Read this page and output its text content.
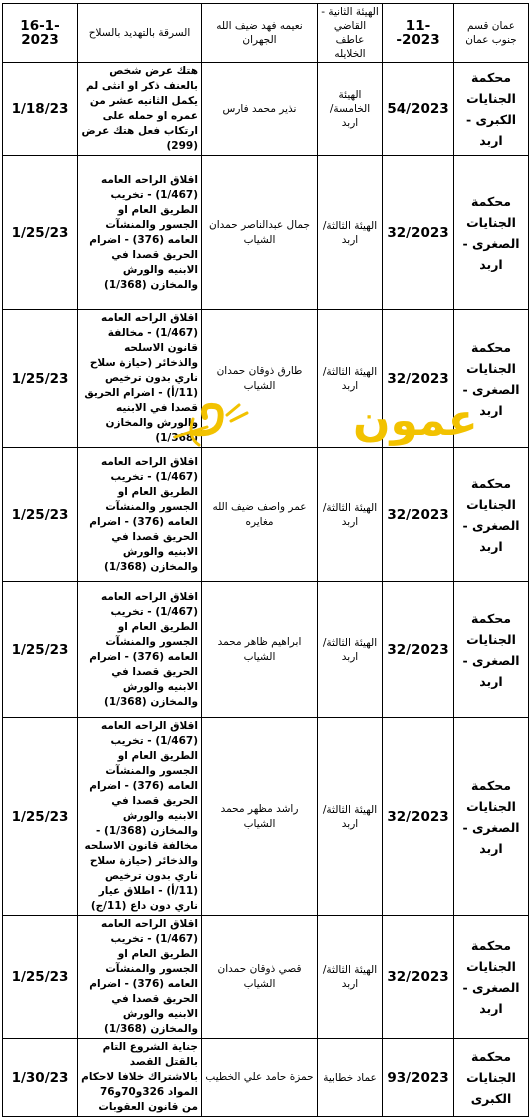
16-1-2023	السرقة بالتهديد بالسلاح	نعيمه فهد ضيف الله الجهران	الهيئة الثانية - القاضي عاطف الخلايله	11--2023	عمان قسم جنوب عمان
1/18/23	هتك عرض شخص بالعنف ذكر او انثى لم يكمل الثانيه عشر من عمره او حمله على ارتكاب فعل هتك عرض (299)	نذير محمد فارس	الهيئة الخامسة/ اربد	54/2023	محكمة الجنايات الكبرى - اربد
1/25/23	اقلاق الراحه العامه (1/467) - تخريب الطريق العام او الجسور والمنشآت العامه (376) - اضرام الحريق قصدا في الابنيه والورش والمخازن (1/368)	جمال عبدالناصر حمدان الشياب	الهيئة الثالثة/ اربد	32/2023	محكمة الجنايات الصغرى - اربد
1/25/23	اقلاق الراحه العامه (1/467) - مخالفة قانون الاسلحه والذخائر (حيازة سلاح ناري بدون ترخيص (11/أ) - اضرام الحريق قصدا في الابنيه والورش والمخازن (1/368)	طارق ذوقان حمدان الشياب	الهيئة الثالثة/ اربد	32/2023	محكمة الجنايات الصغرى - اربد
1/25/23	اقلاق الراحه العامه (1/467) - تخريب الطريق العام او الجسور والمنشآت العامه (376) - اضرام الحريق قصدا في الابنيه والورش والمخازن (1/368)	عمر واصف ضيف الله مغايره	الهيئة الثالثة/ اربد	32/2023	محكمة الجنايات الصغرى - اربد
1/25/23	اقلاق الراحه العامه (1/467) - تخريب الطريق العام او الجسور والمنشآت العامه (376) - اضرام الحريق قصدا في الابنيه والورش والمخازن (1/368)	ابراهيم ظاهر محمد الشياب	الهيئة الثالثة/ اربد	32/2023	محكمة الجنايات الصغرى - اربد
1/25/23	اقلاق الراحه العامه (1/467) - تخريب الطريق العام او الجسور والمنشآت العامه (376) - اضرام الحريق قصدا في الابنيه والورش والمخازن (1/368) - مخالفة قانون الاسلحه والذخائر (حيازة سلاح ناري بدون ترخيص (11/أ) - اطلاق عيار ناري دون داع (11/ج)	راشد مظهر محمد الشياب	الهيئة الثالثة/ اربد	32/2023	محكمة الجنايات الصغرى - اربد
1/25/23	اقلاق الراحه العامه (1/467) - تخريب الطريق العام او الجسور والمنشآت العامه (376) - اضرام الحريق قصدا في الابنيه والورش والمخازن (1/368)	قصي ذوقان حمدان الشياب	الهيئة الثالثة/ اربد	32/2023	محكمة الجنايات الصغرى - اربد
1/30/23	جناية الشروع التام بالقتل القصد بالاشتراك خلافا لاحكام المواد 326و70و76 من قانون العقوبات	حمزة حامد علي الخطيب	عماد خطابية	93/2023	محكمة الجنايات الكبرى
عمون
